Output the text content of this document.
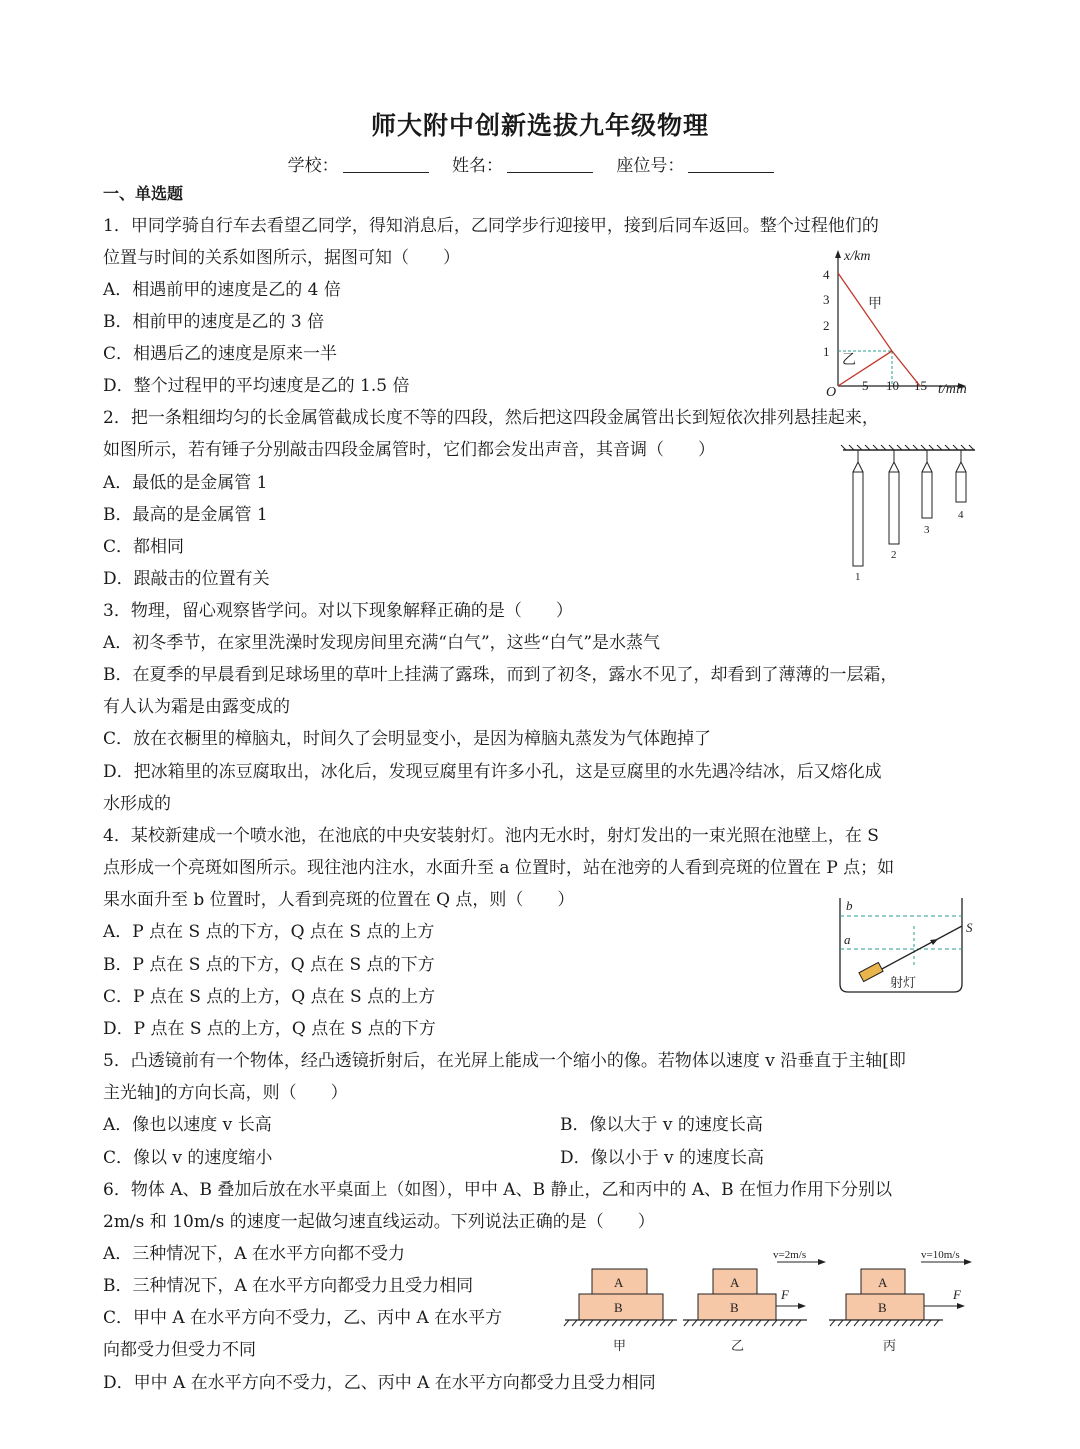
师大附中创新选拔九年级物理
学校：	姓名：	座位号：
一、单选题
1．甲同学骑自行车去看望乙同学，得知消息后，乙同学步行迎接甲，接到后同车返回。整个过程他们的
位置与时间的关系如图所示，据图可知（　　）
A．相遇前甲的速度是乙的 4 倍
B．相前甲的速度是乙的 3 倍
C．相遇后乙的速度是原来一半
D．整个过程甲的平均速度是乙的 1.5 倍
2．把一条粗细均匀的长金属管截成长度不等的四段，然后把这四段金属管出长到短依次排列悬挂起来，
如图所示，若有锤子分别敲击四段金属管时，它们都会发出声音，其音调（　　）
A．最低的是金属管 1
B．最高的是金属管 1
C．都相同
D．跟敲击的位置有关
3．物理，留心观察皆学问。对以下现象解释正确的是（　　）
A．初冬季节，在家里洗澡时发现房间里充满“白气”，这些“白气”是水蒸气
B．在夏季的早晨看到足球场里的草叶上挂满了露珠，而到了初冬，露水不见了，却看到了薄薄的一层霜，
有人认为霜是由露变成的
C．放在衣橱里的樟脑丸，时间久了会明显变小，是因为樟脑丸蒸发为气体跑掉了
D．把冰箱里的冻豆腐取出，冰化后，发现豆腐里有许多小孔，这是豆腐里的水先遇冷结冰，后又熔化成
水形成的
4．某校新建成一个喷水池，在池底的中央安装射灯。池内无水时，射灯发出的一束光照在池壁上，在 S
点形成一个亮斑如图所示。现往池内注水，水面升至 a 位置时，站在池旁的人看到亮斑的位置在 P 点；如
果水面升至 b 位置时，人看到亮斑的位置在 Q 点，则（　　）
A．P 点在 S 点的下方，Q 点在 S 点的上方
B．P 点在 S 点的下方，Q 点在 S 点的下方
C．P 点在 S 点的上方，Q 点在 S 点的上方
D．P 点在 S 点的上方，Q 点在 S 点的下方
5．凸透镜前有一个物体，经凸透镜折射后，在光屏上能成一个缩小的像。若物体以速度 v 沿垂直于主轴[即
主光轴]的方向长高，则（　　）
A．像也以速度 v 长高	B．像以大于 v 的速度长高
C．像以 v 的速度缩小	D．像以小于 v 的速度长高
6．物体 A、B 叠加后放在水平桌面上（如图），甲中 A、B 静止，乙和丙中的 A、B 在恒力作用下分别以
2m/s 和 10m/s 的速度一起做匀速直线运动。下列说法正确的是（　　）
A．三种情况下，A 在水平方向都不受力
B．三种情况下，A 在水平方向都受力且受力相同
C．甲中 A 在水平方向不受力，乙、丙中 A 在水平方
向都受力但受力不同
D．甲中 A 在水平方向不受力，乙、丙中 A 在水平方向都受力且受力相同
x/km
t/min
O
1
2
3
4
5 10 15
甲
乙
1
2
3
4
b
a
S
射灯
A
B
甲
A
B
F
v=2m/s
乙
A
B
F
v=10m/s
丙
